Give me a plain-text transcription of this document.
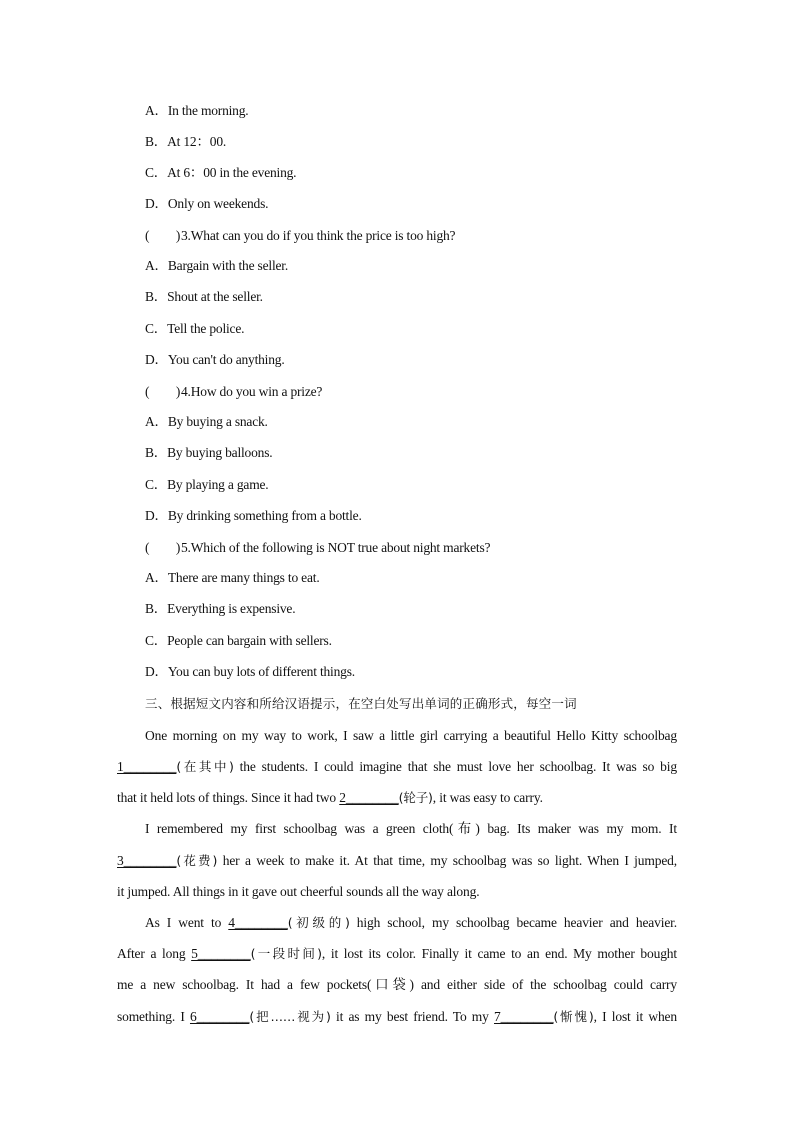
A．In the morning.
B．At 12：00.
C．At 6：00 in the evening.
D．Only on weekends.
(　　)3.What can you do if you think the price is too high?
A．Bargain with the seller.
B．Shout at the seller.
C．Tell the police.
D．You can't do anything.
(　　)4.How do you win a prize?
A．By buying a snack.
B．By buying balloons.
C．By playing a game.
D．By drinking something from a bottle.
(　　)5.Which of the following is NOT true about night markets?
A．There are many things to eat.
B．Everything is expensive.
C．People can bargain with sellers.
D．You can buy lots of different things.
三、根据短文内容和所给汉语提示，在空白处写出单词的正确形式，每空一词
One morning on my way to work, I saw a little girl carrying a beautiful Hello Kitty schoolbag
1________(在其中) the students. I could imagine that she must love her schoolbag. It was so big
that it held lots of things. Since it had two 2________(轮子), it was easy to carry.
I remembered my first schoolbag was a green cloth(布) bag. Its maker was my mom. It
3________(花费) her a week to make it. At that time, my schoolbag was so light. When I jumped,
it jumped. All things in it gave out cheerful sounds all the way along.
As I went to 4________(初级的) high school, my schoolbag became heavier and heavier.
After a long 5________(一段时间), it lost its color. Finally it came to an end. My mother bought
me a new schoolbag. It had a few pockets(口袋) and either side of the schoolbag could carry
something. I 6________(把……视为) it as my best friend. To my 7________(惭愧), I lost it when
